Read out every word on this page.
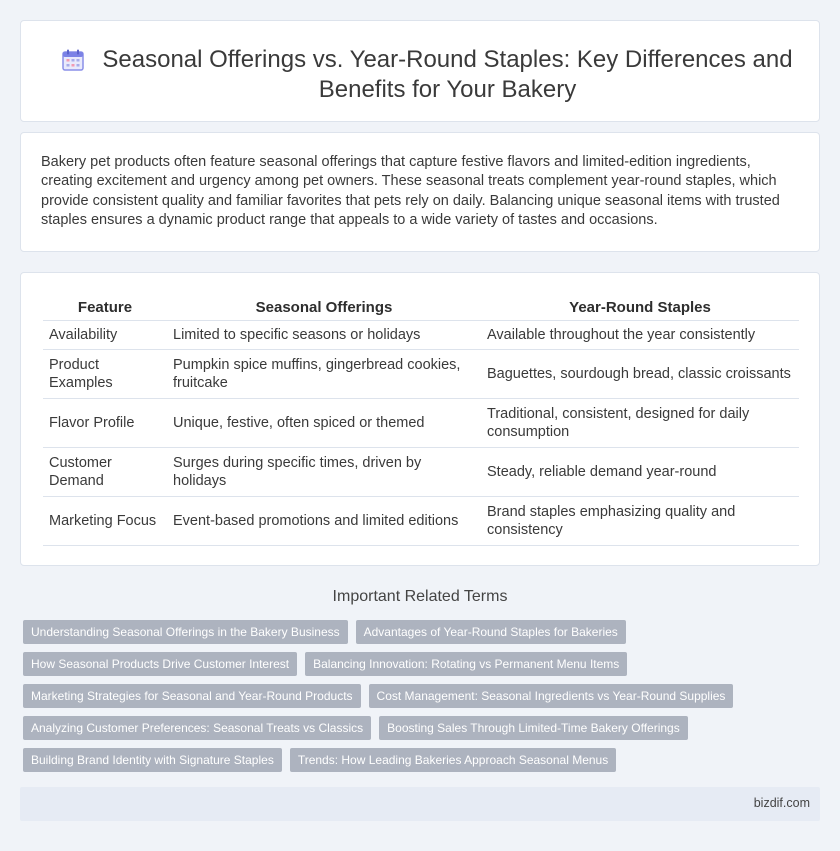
Seasonal Offerings vs. Year-Round Staples: Key Differences and Benefits for Your Bakery

Bakery pet products often feature seasonal offerings that capture festive flavors and limited-edition ingredients, creating excitement and urgency among pet owners. These seasonal treats complement year-round staples, which provide consistent quality and familiar favorites that pets rely on daily. Balancing unique seasonal items with trusted staples ensures a dynamic product range that appeals to a wide variety of tastes and occasions.

Feature	Seasonal Offerings	Year-Round Staples
Availability	Limited to specific seasons or holidays	Available throughout the year consistently
Product Examples	Pumpkin spice muffins, gingerbread cookies, fruitcake	Baguettes, sourdough bread, classic croissants
Flavor Profile	Unique, festive, often spiced or themed	Traditional, consistent, designed for daily consumption
Customer Demand	Surges during specific times, driven by holidays	Steady, reliable demand year-round
Marketing Focus	Event-based promotions and limited editions	Brand staples emphasizing quality and consistency
Important Related Terms
Understanding Seasonal Offerings in the Bakery Business	Advantages of Year-Round Staples for Bakeries
How Seasonal Products Drive Customer Interest	Balancing Innovation: Rotating vs Permanent Menu Items
Marketing Strategies for Seasonal and Year-Round Products	Cost Management: Seasonal Ingredients vs Year-Round Supplies
Analyzing Customer Preferences: Seasonal Treats vs Classics	Boosting Sales Through Limited-Time Bakery Offerings
Building Brand Identity with Signature Staples	Trends: How Leading Bakeries Approach Seasonal Menus
bizdif.com
